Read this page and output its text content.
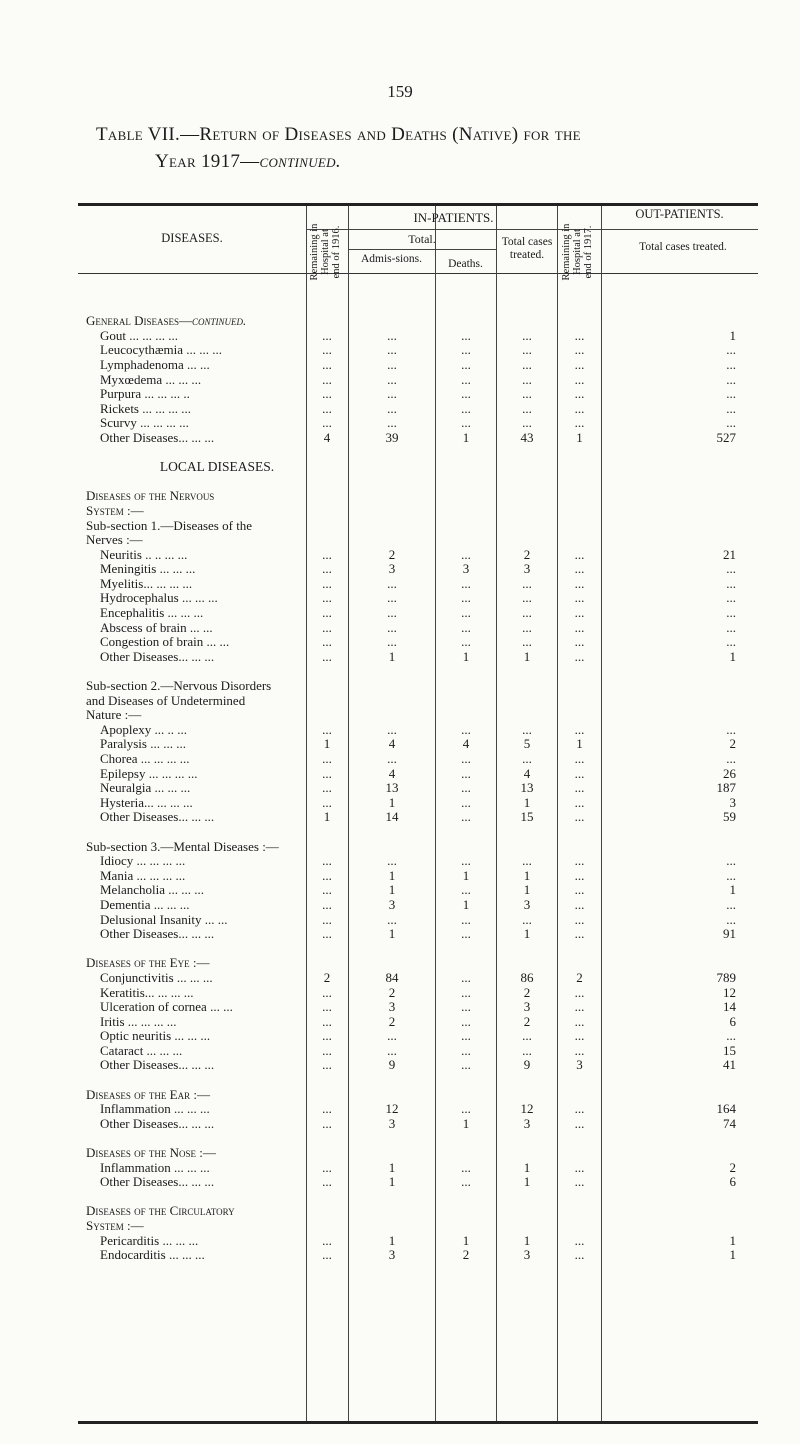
159
Table VII.—Return of Diseases and Deaths (Native) for the
Year 1917—continued.
DISEASES.
IN-PATIENTS.	OUT-PATIENTS.
Remaining in Hospital at end of 1916.	Total.
Admis-sions.	Deaths.
Total cases treated.	Remaining in Hospital at end of 1917.	Total cases treated.
General Diseases—continued.
Gout ... ... ... ...	...	...	...	...	...	1
Leucocythæmia ... ... ...	...	...	...	...	...	...
Lymphadenoma ... ...	...	...	...	...	...	...
Myxœdema ... ... ...	...	...	...	...	...	...
Purpura ... ... ... ..	...	...	...	...	...	...
Rickets ... ... ... ...	...	...	...	...	...	...
Scurvy ... ... ... ...	...	...	...	...	...	...
Other Diseases... ... ...	4	39	1	43	1	527
LOCAL DISEASES.
Diseases of the Nervous
System :—
Sub-section 1.—Diseases of the
Nerves :—
Neuritis .. .. ... ...	...	2	...	2	...	21
Meningitis ... ... ...	...	3	3	3	...	...
Myelitis... ... ... ...	...	...	...	...	...	...
Hydrocephalus ... ... ...	...	...	...	...	...	...
Encephalitis ... ... ...	...	...	...	...	...	...
Abscess of brain ... ...	...	...	...	...	...	...
Congestion of brain ... ...	...	...	...	...	...	...
Other Diseases... ... ...	...	1	1	1	...	1
Sub-section 2.—Nervous Disorders
and Diseases of Undetermined
Nature :—
Apoplexy ... .. ...	...	...	...	...	...	...
Paralysis ... ... ...	1	4	4	5	1	2
Chorea ... ... ... ...	...	...	...	...	...	...
Epilepsy ... ... ... ...	...	4	...	4	...	26
Neuralgia ... ... ...	...	13	...	13	...	187
Hysteria... ... ... ...	...	1	...	1	...	3
Other Diseases... ... ...	1	14	...	15	...	59
Sub-section 3.—Mental Diseases :—
Idiocy ... ... ... ...	...	...	...	...	...	...
Mania ... ... ... ...	...	1	1	1	...	...
Melancholia ... ... ...	...	1	...	1	...	1
Dementia ... ... ...	...	3	1	3	...	...
Delusional Insanity ... ...	...	...	...	...	...	...
Other Diseases... ... ...	...	1	...	1	...	91
Diseases of the Eye :—
Conjunctivitis ... ... ...	2	84	...	86	2	789
Keratitis... ... ... ...	...	2	...	2	...	12
Ulceration of cornea ... ...	...	3	...	3	...	14
Iritis ... ... ... ...	...	2	...	2	...	6
Optic neuritis ... ... ...	...	...	...	...	...	...
Cataract ... ... ...	...	...	...	...	...	15
Other Diseases... ... ...	...	9	...	9	3	41
Diseases of the Ear :—
Inflammation ... ... ...	...	12	...	12	...	164
Other Diseases... ... ...	...	3	1	3	...	74
Diseases of the Nose :—
Inflammation ... ... ...	...	1	...	1	...	2
Other Diseases... ... ...	...	1	...	1	...	6
Diseases of the Circulatory
System :—
Pericarditis ... ... ...	...	1	1	1	...	1
Endocarditis ... ... ...	...	3	2	3	...	1
